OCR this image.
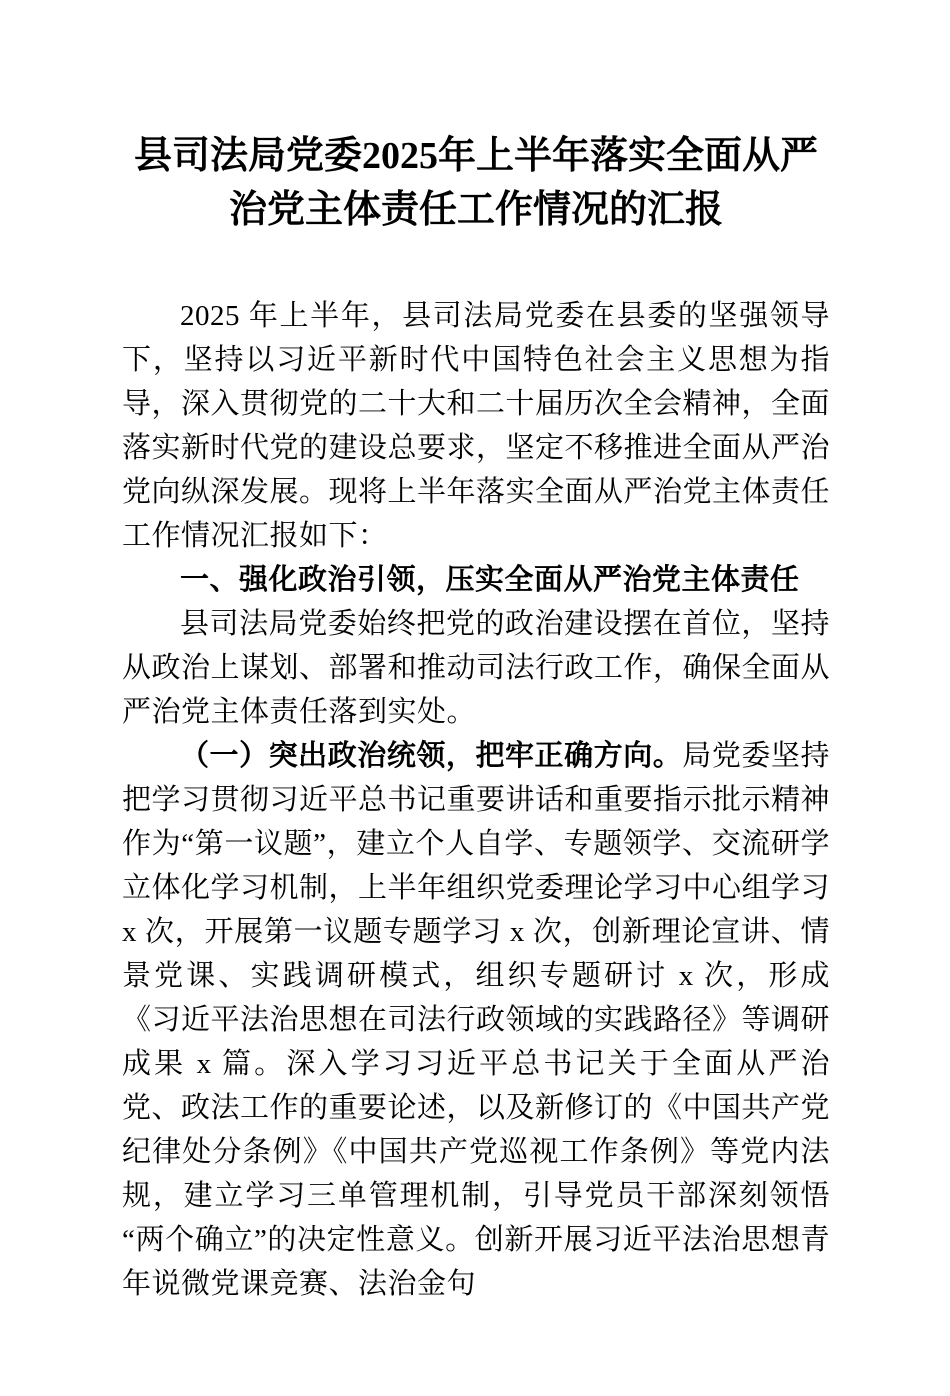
县司法局党委2025年上半年落实全面从严治党主体责任工作情况的汇报

2025 年上半年，县司法局党委在县委的坚强领导下，坚持以习近平新时代中国特色社会主义思想为指导，深入贯彻党的二十大和二十届历次全会精神，全面落实新时代党的建设总要求，坚定不移推进全面从严治党向纵深发展。现将上半年落实全面从严治党主体责任工作情况汇报如下：

一、强化政治引领，压实全面从严治党主体责任

县司法局党委始终把党的政治建设摆在首位，坚持从政治上谋划、部署和推动司法行政工作，确保全面从严治党主体责任落到实处。

（一）突出政治统领，把牢正确方向。局党委坚持把学习贯彻习近平总书记重要讲话和重要指示批示精神作为“第一议题”，建立个人自学、专题领学、交流研学立体化学习机制，上半年组织党委理论学习中心组学习 x 次，开展第一议题专题学习 x 次，创新理论宣讲、情景党课、实践调研模式，组织专题研讨 x 次，形成《习近平法治思想在司法行政领域的实践路径》等调研成果 x 篇。深入学习习近平总书记关于全面从严治党、政法工作的重要论述，以及新修订的《中国共产党纪律处分条例》《中国共产党巡视工作条例》等党内法规，建立学习三单管理机制，引导党员干部深刻领悟“两个确立”的决定性意义。创新开展习近平法治思想青年说微党课竞赛、法治金句
